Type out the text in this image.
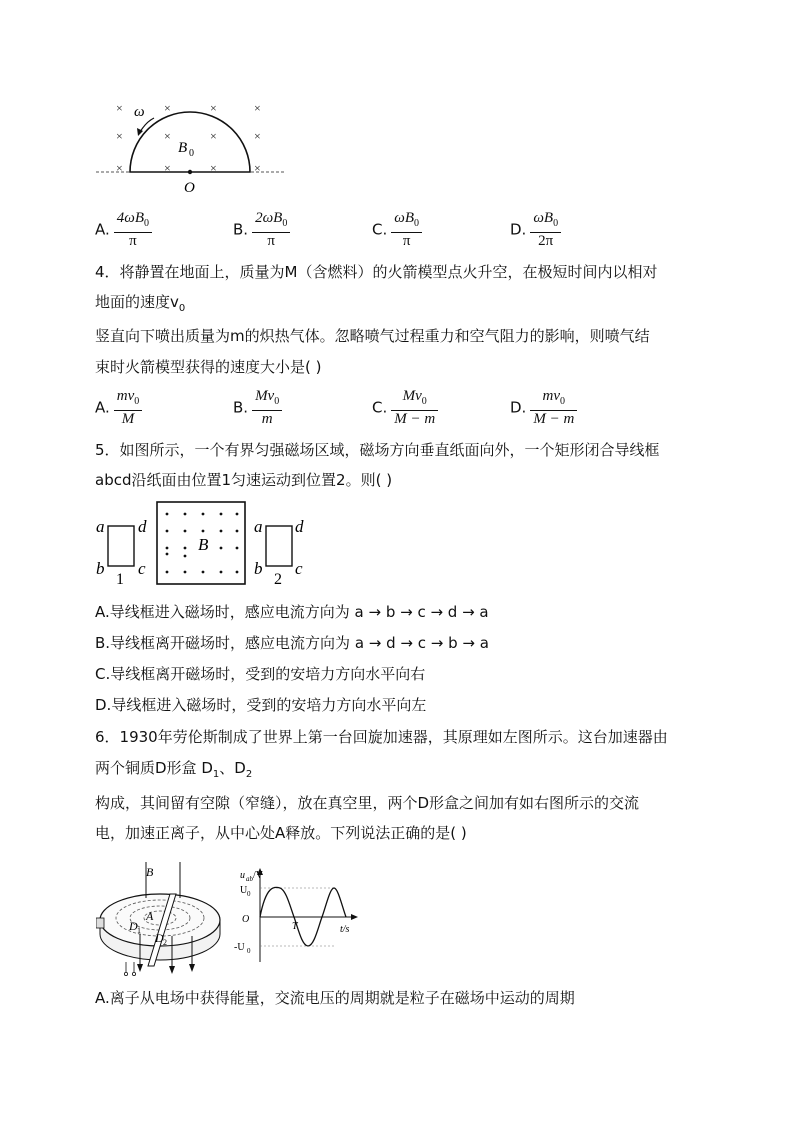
×	×	×	×
×	×	×	×
×	×	×	×
ω
B 0
O
A. $\frac{4\omega B_0}{\pi}$	B. $\frac{2\omega B_0}{\pi}$	C. $\frac{\omega B_0}{\pi}$	D. $\frac{\omega B_0}{2\pi}$
4．将静置在地面上，质量为M（含燃料）的火箭模型点火升空，在极短时间内以相对
地面的速度$v_0$
竖直向下喷出质量为m的炽热气体。忽略喷气过程重力和空气阻力的影响，则喷气结
束时火箭模型获得的速度大小是( )
A. $\frac{mv_0}{M}$	B. $\frac{Mv_0}{m}$	C. $\frac{Mv_0}{M - m}$	D. $\frac{mv_0}{M - m}$
5．如图所示，一个有界匀强磁场区域，磁场方向垂直纸面向外，一个矩形闭合导线框
abcd沿纸面由位置1匀速运动到位置2。则( )
a d
b c
1
B
a d
b c
2
A.导线框进入磁场时，感应电流方向为 a → b → c → d → a
B.导线框离开磁场时，感应电流方向为 a → d → c → b → a
C.导线框离开磁场时，受到的安培力方向水平向右
D.导线框进入磁场时，受到的安培力方向水平向左
6．1930年劳伦斯制成了世界上第一台回旋加速器，其原理如左图所示。这台加速器由
两个铜质D形盒 $D_1$、$D_2$
构成，其间留有空隙（窄缝），放在真空里，两个D形盒之间加有如右图所示的交流
电，加速正离子，从中心处A释放。下列说法正确的是( )
B
A
D 1
D 2
u ab /V
U 0
O
-U 0
T	t/s
A.离子从电场中获得能量，交流电压的周期就是粒子在磁场中运动的周期
